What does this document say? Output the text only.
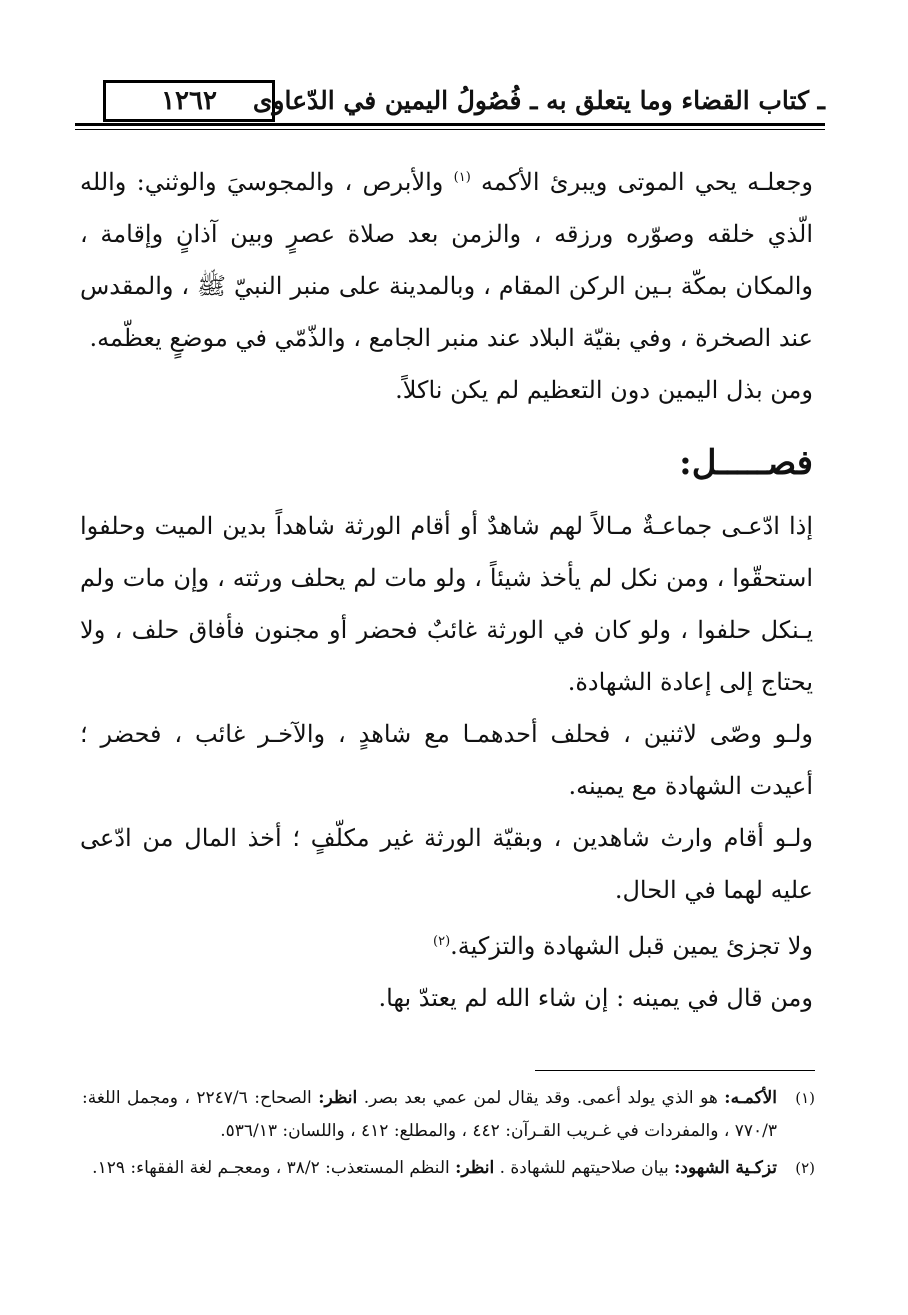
١٢٦٢ ـ كتاب القضاء وما يتعلق به ـ فُصُولُ اليمين في الدّعاوى

وجعلـه يحي الموتى ويبرئ الأكمه $^{(١)}$ والأبرص ، والمجوسيَ والوثني: والله الّذي خلقه وصوّره ورزقه ، والزمن بعد صلاة عصرٍ وبين آذانٍ وإقامة ، والمكان بمكّة بـين الركن المقام ، وبالمدينة على منبر النبيّ ﷺ ، والمقدس عند الصخرة ، وفي بقيّة البلاد عند منبر الجامع ، والذّمّي في موضعٍ يعظّمه.

ومن بذل اليمين دون التعظيم لم يكن ناكلاً.

فصـــــل:

إذا ادّعـى جماعـةٌ مـالاً لهم شاهدٌ أو أقام الورثة شاهداً بدين الميت وحلفوا استحقّوا ، ومن نكل لم يأخذ شيئاً ، ولو مات لم يحلف ورثته ، وإن مات ولم يـنكل حلفوا ، ولو كان في الورثة غائبٌ فحضر أو مجنون فأفاق حلف ، ولا يحتاج إلى إعادة الشهادة.

ولـو وصّى لاثنين ، فحلف أحدهمـا مع شاهدٍ ، والآخـر غائب ، فحضر ؛ أعيدت الشهادة مع يمينه.

ولـو أقام وارث شاهدين ، وبقيّة الورثة غير مكلّفٍ ؛ أخذ المال من ادّعى عليه لهما في الحال.

ولا تجزئ يمين قبل الشهادة والتزكية.$^{(٢)}$

ومن قال في يمينه : إن شاء الله لم يعتدّ بها.

(١)
الأكمـه: هو الذي يولد أعمى. وقد يقال لمن عمي بعد بصر. انظر: الصحاح: ٢٢٤٧/٦ ، ومجمل اللغة: ٧٧٠/٣ ، والمفردات في غـريب القـرآن: ٤٤٢ ، والمطلع: ٤١٢ ، واللسان: ٥٣٦/١٣.
(٢)
تزكـية الشهود: بيان صلاحيتهم للشهادة . انظر: النظم المستعذب: ٣٨/٢ ، ومعجـم لغة الفقهاء: ١٢٩.
